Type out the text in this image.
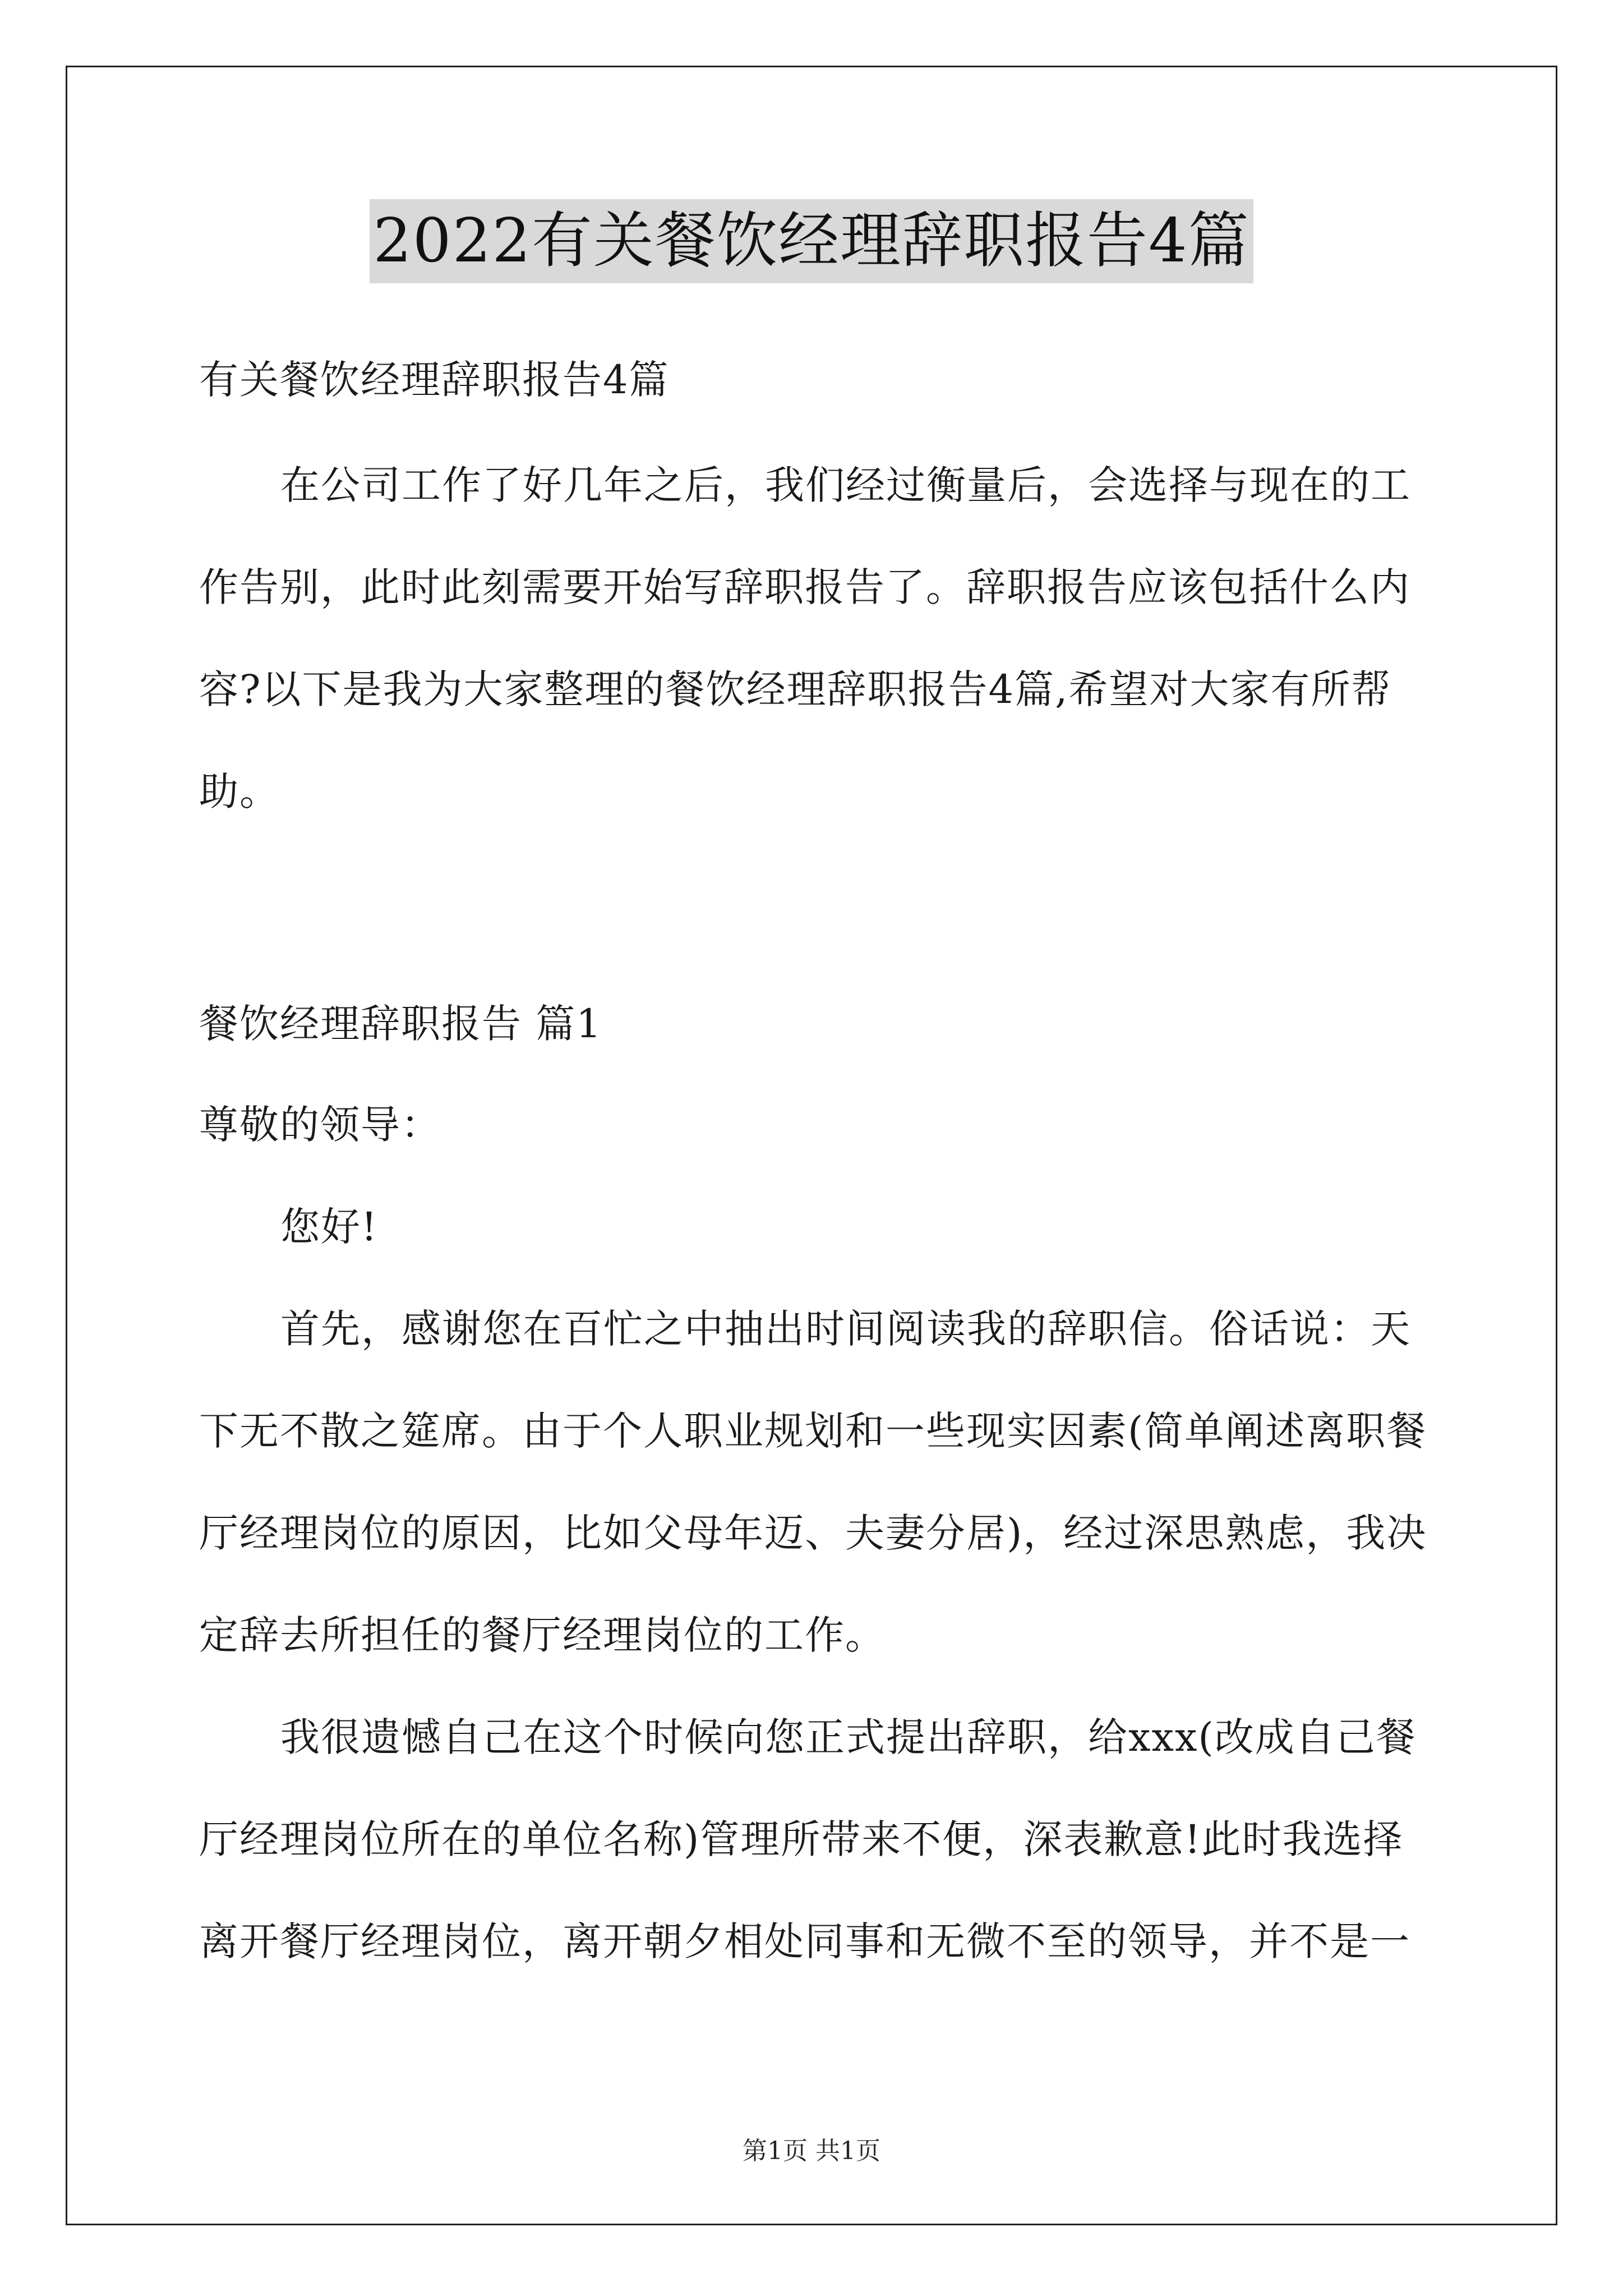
2022有关餐饮经理辞职报告4篇
有关餐饮经理辞职报告4篇
在公司工作了好几年之后，我们经过衡量后，会选择与现在的工
作告别，此时此刻需要开始写辞职报告了。辞职报告应该包括什么内
容?以下是我为大家整理的餐饮经理辞职报告4篇,希望对大家有所帮
助。
餐饮经理辞职报告 篇1
尊敬的领导：
您好!
首先，感谢您在百忙之中抽出时间阅读我的辞职信。俗话说：天
下无不散之筵席。由于个人职业规划和一些现实因素(简单阐述离职餐
厅经理岗位的原因，比如父母年迈、夫妻分居)，经过深思熟虑，我决
定辞去所担任的餐厅经理岗位的工作。
我很遗憾自己在这个时候向您正式提出辞职，给xxx(改成自己餐
厅经理岗位所在的单位名称)管理所带来不便，深表歉意!此时我选择
离开餐厅经理岗位，离开朝夕相处同事和无微不至的领导，并不是一
第1页 共1页
